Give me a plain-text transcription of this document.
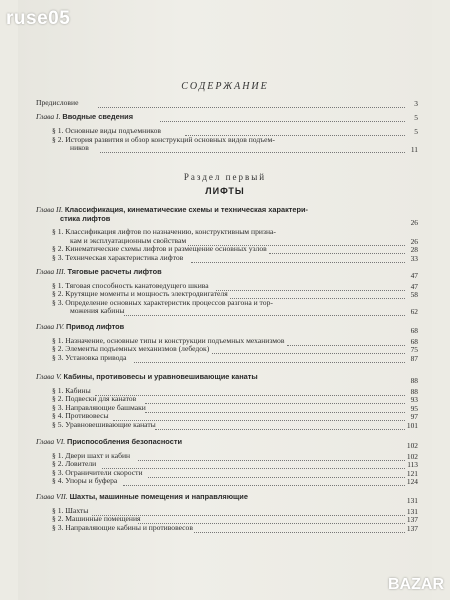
ruse05
BAZAR
СОДЕРЖАНИЕ
Предисловие	3
Глава I. Вводные сведения	5
§ 1. Основные виды подъемников	5
§ 2. История развития и обзор конструкций основных видов подъем-
ников	11
Раздел первый
ЛИФТЫ
Глава II. Классификация, кинематические схемы и техническая характери-
стика лифтов	26
§ 1. Классификация лифтов по назначению, конструктивным призна-
кам и эксплуатационным свойствам	26
§ 2. Кинематические схемы лифтов и размещение основных узлов	28
§ 3. Техническая характеристика лифтов	33
Глава III. Тяговые расчеты лифтов	47
§ 1. Тяговая способность канатоведущего шкива	47
§ 2. Крутящие моменты и мощность электродвигателя	58
§ 3. Определение основных характеристик процессов разгона и тор-
можения кабины	62
Глава IV. Привод лифтов	68
§ 1. Назначение, основные типы и конструкции подъемных механизмов	68
§ 2. Элементы подъемных механизмов (лебедок)	75
§ 3. Установка привода	87
Глава V. Кабины, противовесы и уравновешивающие канаты	88
§ 1. Кабины	88
§ 2. Подвески для канатов	93
§ 3. Направляющие башмаки	95
§ 4. Противовесы	97
§ 5. Уравновешивающие канаты	101
Глава VI. Приспособления безопасности	102
§ 1. Двери шахт и кабин	102
§ 2. Ловители	113
§ 3. Ограничители скорости	121
§ 4. Упоры и буфера	124
Глава VII. Шахты, машинные помещения и направляющие	131
§ 1. Шахты	131
§ 2. Машинные помещения	137
§ 3. Направляющие кабины и противовесов	137
